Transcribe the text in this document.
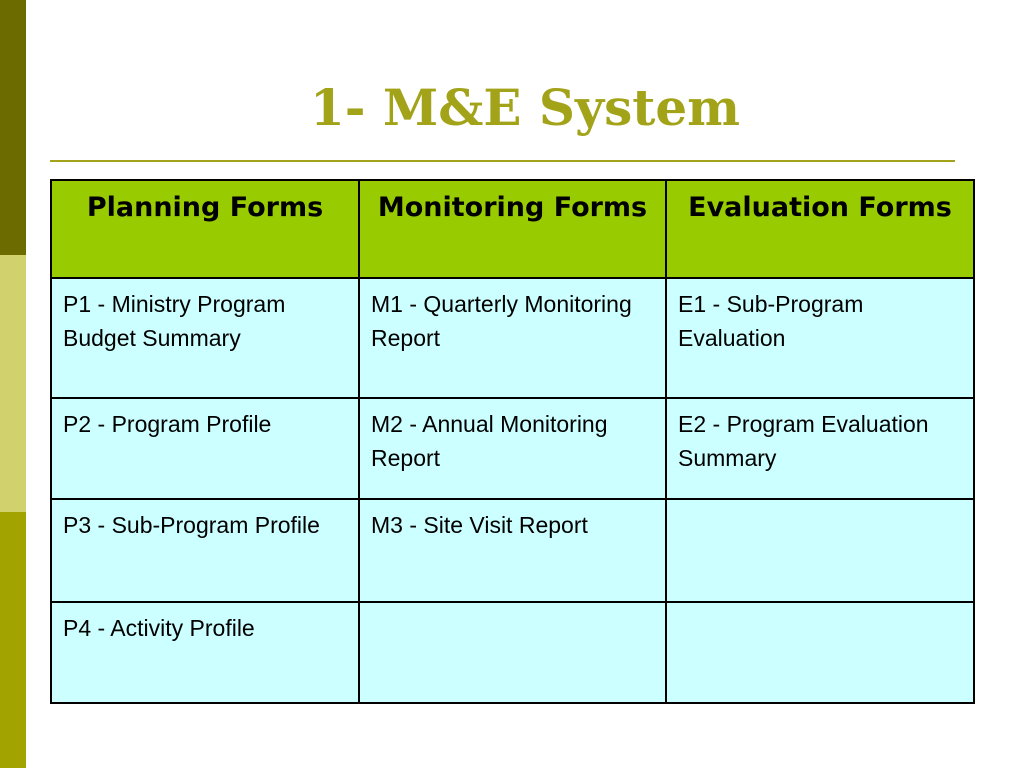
1- M&E System
Planning Forms	Monitoring Forms	Evaluation Forms
P1 - Ministry Program Budget Summary	M1 - Quarterly Monitoring Report	E1 - Sub-Program Evaluation
P2 - Program Profile	M2 - Annual Monitoring Report	E2 - Program Evaluation Summary
P3 - Sub-Program Profile	M3 - Site Visit Report	
P4 - Activity Profile		
